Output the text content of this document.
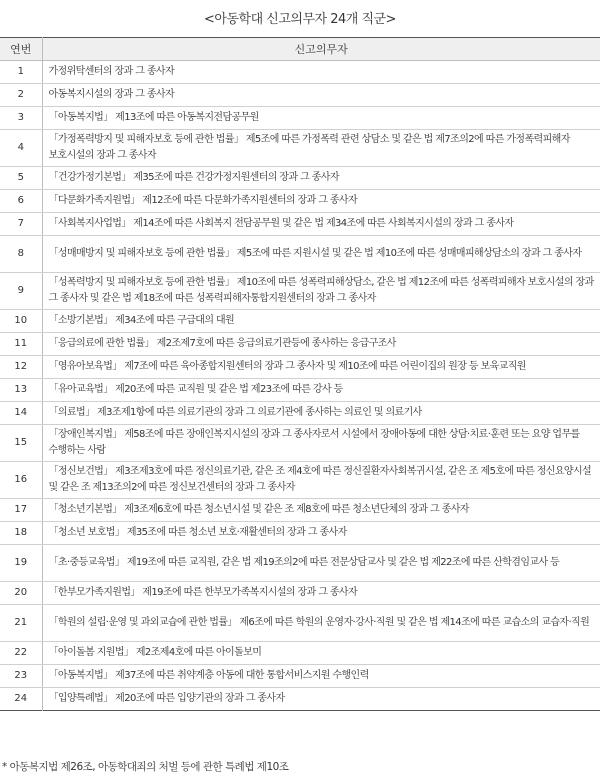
<아동학대 신고의무자 24개 직군>
연번	신고의무자
1	가정위탁센터의 장과 그 종사자
2	아동복지시설의 장과 그 종사자
3	「아동복지법」 제13조에 따른 아동복지전담공무원
4	「가정폭력방지 및 피해자보호 등에 관한 법률」 제5조에 따른 가정폭력 관련 상담소 및 같은 법 제7조의2에 따른 가정폭력피해자 보호시설의 장과 그 종사자
5	「건강가정기본법」 제35조에 따른 건강가정지원센터의 장과 그 종사자
6	「다문화가족지원법」 제12조에 따른 다문화가족지원센터의 장과 그 종사자
7	「사회복지사업법」 제14조에 따른 사회복지 전담공무원 및 같은 법 제34조에 따른 사회복지시설의 장과 그 종사자
8	「성매매방지 및 피해자보호 등에 관한 법률」 제5조에 따른 지원시설 및 같은 법 제10조에 따른 성매매피해상담소의 장과 그 종사자
9	「성폭력방지 및 피해자보호 등에 관한 법률」 제10조에 따른 성폭력피해상담소, 같은 법 제12조에 따른 성폭력피해자 보호시설의 장과 그 종사자 및 같은 법 제18조에 따른 성폭력피해자통합지원센터의 장과 그 종사자
10	「소방기본법」 제34조에 따른 구급대의 대원
11	「응급의료에 관한 법률」 제2조제7호에 따른 응급의료기관등에 종사하는 응급구조사
12	「영유아보육법」 제7조에 따른 육아종합지원센터의 장과 그 종사자 및 제10조에 따른 어린이집의 원장 등 보육교직원
13	「유아교육법」 제20조에 따른 교직원 및 같은 법 제23조에 따른 강사 등
14	「의료법」 제3조제1항에 따른 의료기관의 장과 그 의료기관에 종사하는 의료인 및 의료기사
15	「장애인복지법」 제58조에 따른 장애인복지시설의 장과 그 종사자로서 시설에서 장애아동에 대한 상담·치료·훈련 또는 요양 업무를 수행하는 사람
16	「정신보건법」 제3조제3호에 따른 정신의료기관, 같은 조 제4호에 따른 정신질환자사회복귀시설, 같은 조 제5호에 따른 정신요양시설 및 같은 조 제13조의2에 따른 정신보건센터의 장과 그 종사자
17	「청소년기본법」 제3조제6호에 따른 청소년시설 및 같은 조 제8호에 따른 청소년단체의 장과 그 종사자
18	「청소년 보호법」 제35조에 따른 청소년 보호·재활센터의 장과 그 종사자
19	「초·중등교육법」 제19조에 따른 교직원, 같은 법 제19조의2에 따른 전문상담교사 및 같은 법 제22조에 따른 산학겸임교사 등
20	「한부모가족지원법」 제19조에 따른 한부모가족복지시설의 장과 그 종사자
21	「학원의 설립·운영 및 과외교습에 관한 법률」 제6조에 따른 학원의 운영자·강사·직원 및 같은 법 제14조에 따른 교습소의 교습자·직원
22	「아이돌봄 지원법」 제2조제4호에 따른 아이돌보미
23	「아동복지법」 제37조에 따른 취약계층 아동에 대한 통합서비스지원 수행인력
24	「입양특례법」 제20조에 따른 입양기관의 장과 그 종사자
* 아동복지법 제26조, 아동학대죄의 처벌 등에 관한 특례법 제10조
